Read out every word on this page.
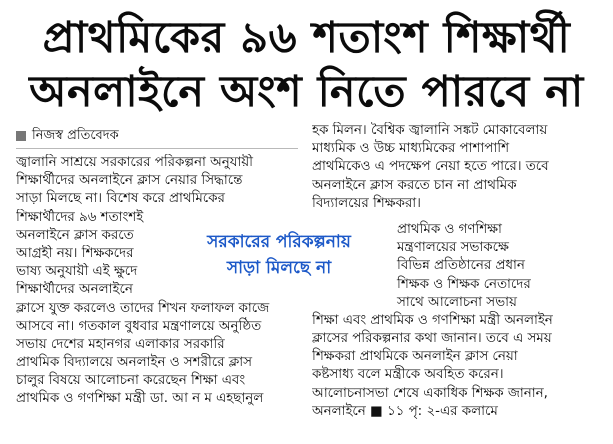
প্রাথমিকের ৯৬ শতাংশ শিক্ষার্থী
অনলাইনে অংশ নিতে পারবে না
নিজস্ব প্রতিবেদক
জ্বালানি সাশ্রয়ে সরকারের পরিকল্পনা অনুযায়ী
শিক্ষার্থীদের অনলাইনে ক্লাস নেয়ার সিদ্ধান্তে
সাড়া মিলছে না। বিশেষ করে প্রাথমিকের
শিক্ষার্থীদের ৯৬ শতাংশই
অনলাইনে ক্লাস করতে
আগ্রহী নয়। শিক্ষকদের
ভাষ্য অনুযায়ী এই ক্ষুদে
শিক্ষার্থীদের অনলাইনে
ক্লাসে যুক্ত করলেও তাদের শিখন ফলাফল কাজে
আসবে না। গতকাল বুধবার মন্ত্রণালয়ে অনুষ্ঠিত
সভায় দেশের মহানগর এলাকার সরকারি
প্রাথমিক বিদ্যালয়ে অনলাইন ও সশরীরে ক্লাস
চালুর বিষয়ে আলোচনা করেছেন শিক্ষা এবং
প্রাথমিক ও গণশিক্ষা মন্ত্রী ডা. আ ন ম এহছানুল
হক মিলন। বৈশ্বিক জ্বালানি সঙ্কট মোকাবেলায়
মাধ্যমিক ও উচ্চ মাধ্যমিকের পাশাপাশি
প্রাথমিকেও এ পদক্ষেপ নেয়া হতে পারে। তবে
অনলাইনে ক্লাস করতে চান না প্রাথমিক
বিদ্যালয়ের শিক্ষকরা।
প্রাথমিক ও গণশিক্ষা
মন্ত্রণালয়ের সভাকক্ষে
বিভিন্ন প্রতিষ্ঠানের প্রধান
শিক্ষক ও শিক্ষক নেতাদের
সাথে আলোচনা সভায়
শিক্ষা এবং প্রাথমিক ও গণশিক্ষা মন্ত্রী অনলাইন
ক্লাসের পরিকল্পনার কথা জানান। তবে এ সময়
শিক্ষকরা প্রাথমিকে অনলাইন ক্লাস নেয়া
কষ্টসাধ্য বলে মন্ত্রীকে অবহিত করেন।
আলোচনাসভা শেষে একাধিক শিক্ষক জানান,
অনলাইনে ■ ১১ পৃ: ২-এর কলামে
সরকারের পরিকল্পনায়
সাড়া মিলছে না
